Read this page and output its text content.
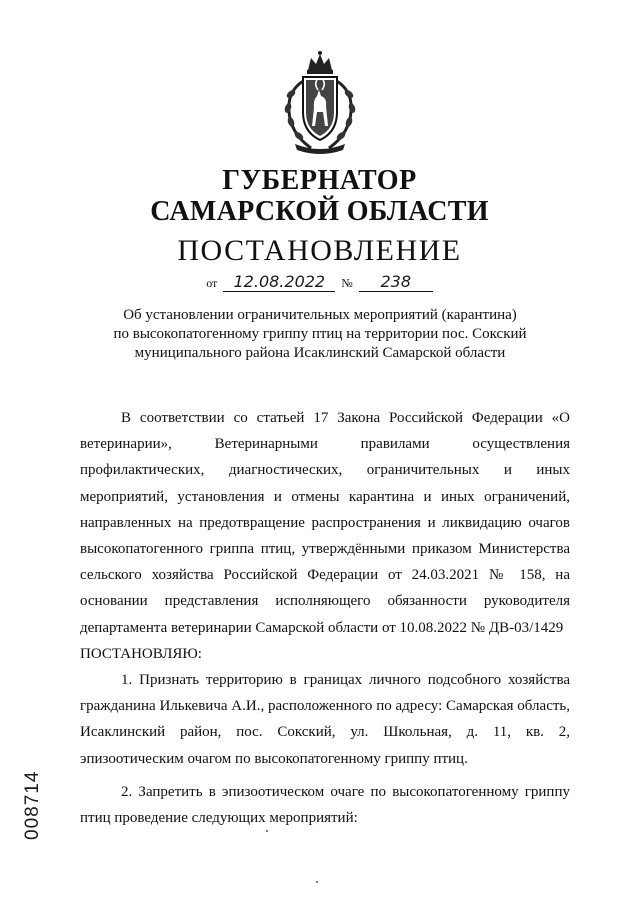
ГУБЕРНАТОР
САМАРСКОЙ ОБЛАСТИ
ПОСТАНОВЛЕНИЕ
от 12.08.2022 № 238
Об установлении ограничительных мероприятий (карантина)
по высокопатогенному гриппу птиц на территории пос. Сокский
муниципального района Исаклинский Самарской области

В соответствии со статьей 17 Закона Российской Федерации «О ветеринарии», Ветеринарными правилами осуществления профилактических, диагностических, ограничительных и иных мероприятий, установления и отмены карантина и иных ограничений, направленных на предотвращение распространения и ликвидацию очагов высокопатогенного гриппа птиц, утверждёнными приказом Министерства сельского хозяйства Российской Федерации от 24.03.2021 № 158, на основании представления исполняющего обязанности руководителя департамента ветеринарии Самарской области от 10.08.2022 № ДВ-03/1429

ПОСТАНОВЛЯЮ:

1. Признать территорию в границах личного подсобного хозяйства гражданина Илькевича А.И., расположенного по адресу: Самарская область, Исаклинский район, пос. Сокский, ул. Школьная, д. 11, кв. 2, эпизоотическим очагом по высокопатогенному гриппу птиц.

2. Запретить в эпизоотическом очаге по высокопатогенному гриппу птиц проведение следующих мероприятий:

008714
